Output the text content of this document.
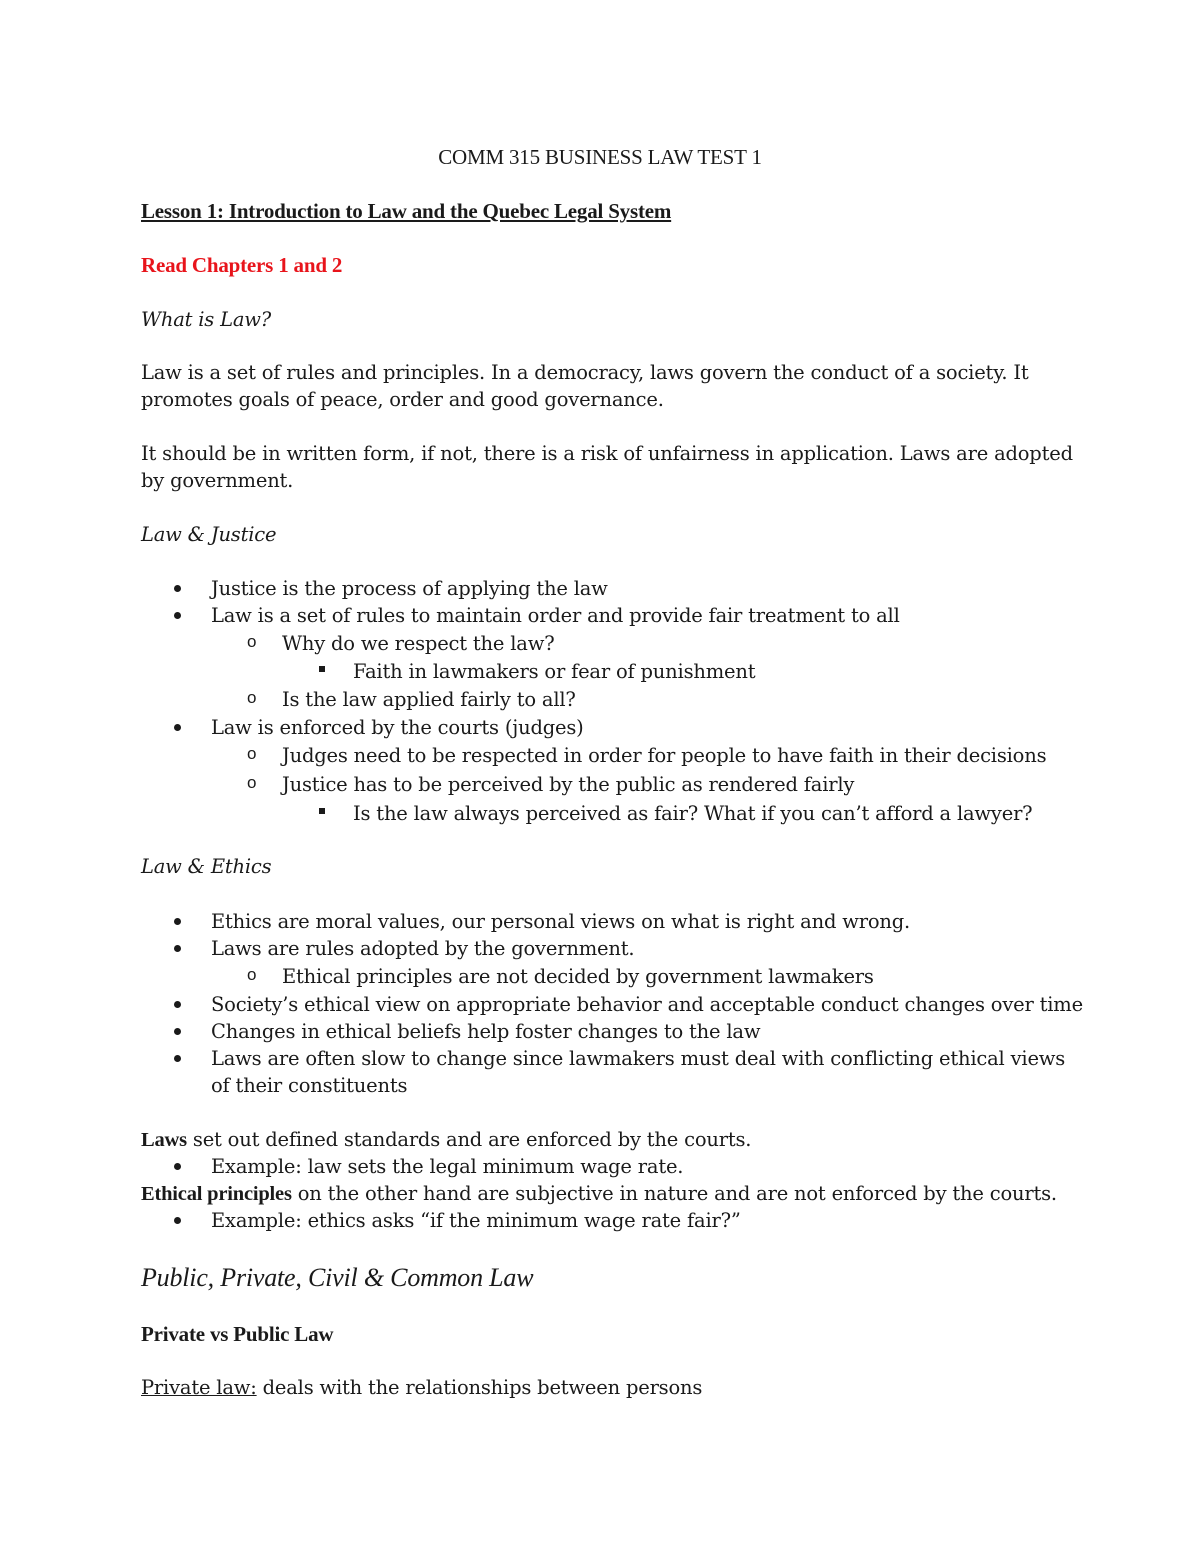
COMM 315 BUSINESS LAW TEST 1
Lesson 1: Introduction to Law and the Quebec Legal System
Read Chapters 1 and 2
What is Law?
Law is a set of rules and principles. In a democracy, laws govern the conduct of a society. It
promotes goals of peace, order and good governance.
It should be in written form, if not, there is a risk of unfairness in application. Laws are adopted
by government.
Law & Justice
Justice is the process of applying the law
Law is a set of rules to maintain order and provide fair treatment to all
o Why do we respect the law?
Faith in lawmakers or fear of punishment
o Is the law applied fairly to all?
Law is enforced by the courts (judges)
o Judges need to be respected in order for people to have faith in their decisions
o Justice has to be perceived by the public as rendered fairly
Is the law always perceived as fair? What if you can’t afford a lawyer?
Law & Ethics
Ethics are moral values, our personal views on what is right and wrong.
Laws are rules adopted by the government.
o Ethical principles are not decided by government lawmakers
Society’s ethical view on appropriate behavior and acceptable conduct changes over time
Changes in ethical beliefs help foster changes to the law
Laws are often slow to change since lawmakers must deal with conflicting ethical views
of their constituents
Laws set out defined standards and are enforced by the courts.
Example: law sets the legal minimum wage rate.
Ethical principles on the other hand are subjective in nature and are not enforced by the courts.
Example: ethics asks “if the minimum wage rate fair?”
Public, Private, Civil & Common Law
Private vs Public Law
Private law: deals with the relationships between persons
